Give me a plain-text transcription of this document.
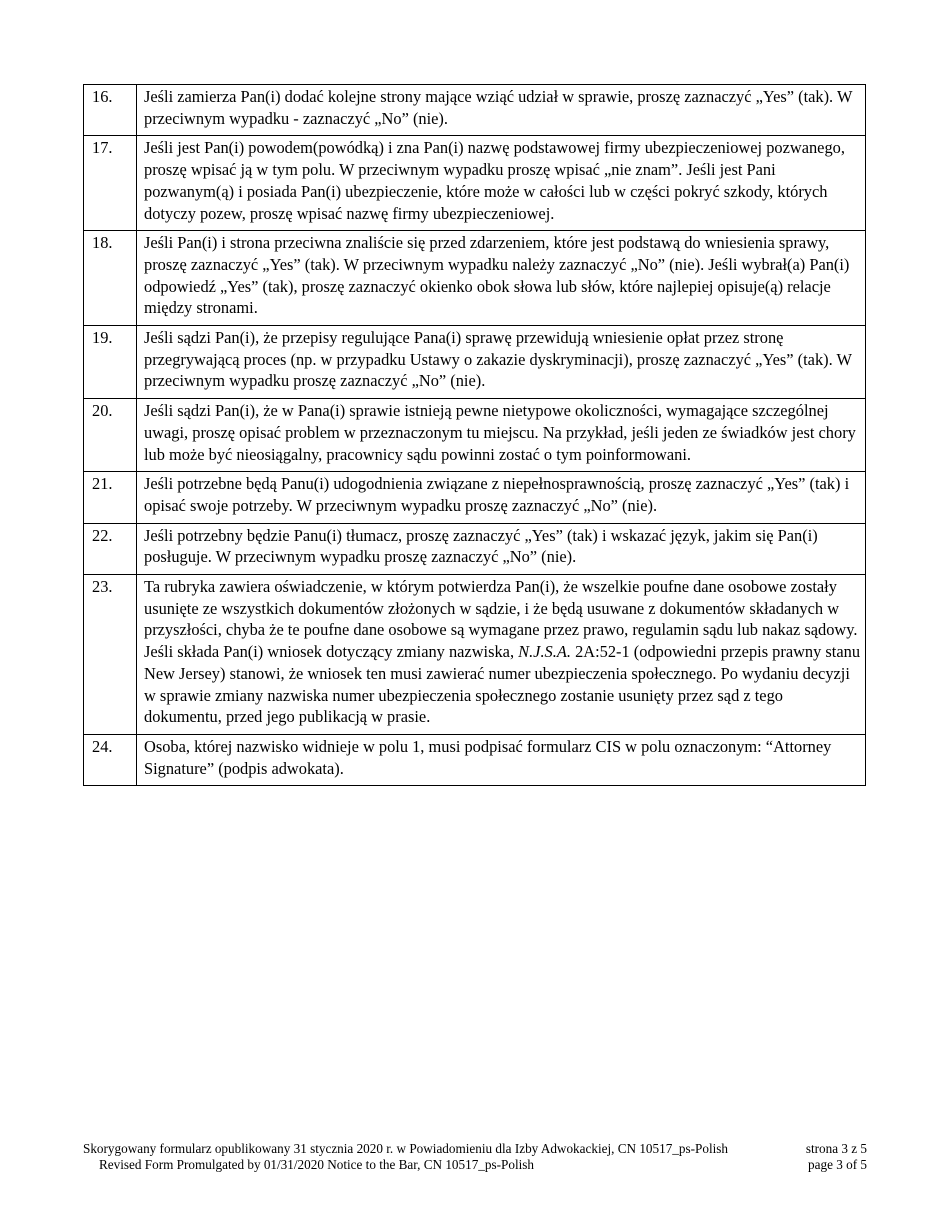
16.	Jeśli zamierza Pan(i) dodać kolejne strony mające wziąć udział w sprawie, proszę zaznaczyć „Yes” (tak). W przeciwnym wypadku - zaznaczyć „No” (nie).
17.	Jeśli jest Pan(i) powodem(powódką) i zna Pan(i) nazwę podstawowej firmy ubezpieczeniowej pozwanego, proszę wpisać ją w tym polu. W przeciwnym wypadku proszę wpisać „nie znam”. Jeśli jest Pani pozwanym(ą) i posiada Pan(i) ubezpieczenie, które może w całości lub w części pokryć szkody, których dotyczy pozew, proszę wpisać nazwę firmy ubezpieczeniowej.
18.	Jeśli Pan(i) i strona przeciwna znaliście się przed zdarzeniem, które jest podstawą do wniesienia sprawy, proszę zaznaczyć „Yes” (tak). W przeciwnym wypadku należy zaznaczyć „No” (nie). Jeśli wybrał(a) Pan(i) odpowiedź „Yes” (tak), proszę zaznaczyć okienko obok słowa lub słów, które najlepiej opisuje(ą) relacje między stronami.
19.	Jeśli sądzi Pan(i), że przepisy regulujące Pana(i) sprawę przewidują wniesienie opłat przez stronę przegrywającą proces (np. w przypadku Ustawy o zakazie dyskryminacji), proszę zaznaczyć „Yes” (tak). W przeciwnym wypadku proszę zaznaczyć „No” (nie).
20.	Jeśli sądzi Pan(i), że w Pana(i) sprawie istnieją pewne nietypowe okoliczności, wymagające szczególnej uwagi, proszę opisać problem w przeznaczonym tu miejscu. Na przykład, jeśli jeden ze świadków jest chory lub może być nieosiągalny, pracownicy sądu powinni zostać o tym poinformowani.
21.	Jeśli potrzebne będą Panu(i) udogodnienia związane z niepełnosprawnością, proszę zaznaczyć „Yes” (tak) i opisać swoje potrzeby. W przeciwnym wypadku proszę zaznaczyć „No” (nie).
22.	Jeśli potrzebny będzie Panu(i) tłumacz, proszę zaznaczyć „Yes” (tak) i wskazać język, jakim się Pan(i) posługuje. W przeciwnym wypadku proszę zaznaczyć „No” (nie).
23.	Ta rubryka zawiera oświadczenie, w którym potwierdza Pan(i), że wszelkie poufne dane osobowe zostały usunięte ze wszystkich dokumentów złożonych w sądzie, i że będą usuwane z dokumentów składanych w przyszłości, chyba że te poufne dane osobowe są wymagane przez prawo, regulamin sądu lub nakaz sądowy. Jeśli składa Pan(i) wniosek dotyczący zmiany nazwiska, N.J.S.A. 2A:52-1 (odpowiedni przepis prawny stanu New Jersey) stanowi, że wniosek ten musi zawierać numer ubezpieczenia społecznego. Po wydaniu decyzji w sprawie zmiany nazwiska numer ubezpieczenia społecznego zostanie usunięty przez sąd z tego dokumentu, przed jego publikacją w prasie.
24.	Osoba, której nazwisko widnieje w polu 1, musi podpisać formularz CIS w polu oznaczonym: “Attorney Signature” (podpis adwokata).
Skorygowany formularz opublikowany 31 stycznia 2020 r. w Powiadomieniu dla Izby Adwokackiej, CN 10517_ps-Polish	strona 3 z 5
Revised Form Promulgated by 01/31/2020 Notice to the Bar, CN 10517_ps-Polish	page 3 of 5
